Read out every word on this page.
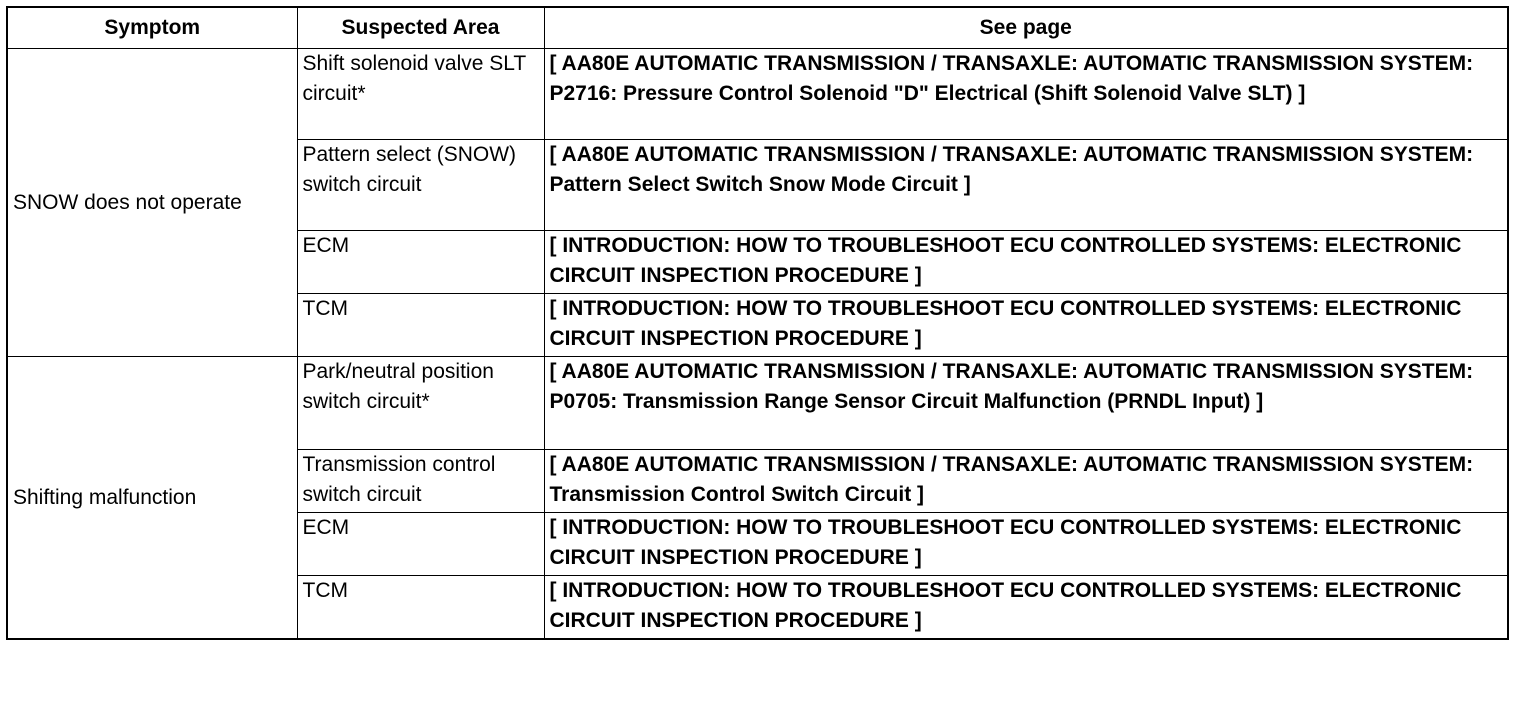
Symptom	Suspected Area	See page
SNOW does not operate	Shift solenoid valve SLT circuit*	[ AA80E AUTOMATIC TRANSMISSION / TRANSAXLE: AUTOMATIC TRANSMISSION SYSTEM: P2716: Pressure Control Solenoid "D" Electrical (Shift Solenoid Valve SLT) ]
	Pattern select (SNOW) switch circuit	[ AA80E AUTOMATIC TRANSMISSION / TRANSAXLE: AUTOMATIC TRANSMISSION SYSTEM: Pattern Select Switch Snow Mode Circuit ]
	ECM	[ INTRODUCTION: HOW TO TROUBLESHOOT ECU CONTROLLED SYSTEMS: ELECTRONIC CIRCUIT INSPECTION PROCEDURE ]
	TCM	[ INTRODUCTION: HOW TO TROUBLESHOOT ECU CONTROLLED SYSTEMS: ELECTRONIC CIRCUIT INSPECTION PROCEDURE ]
Shifting malfunction	Park/neutral position switch circuit*	[ AA80E AUTOMATIC TRANSMISSION / TRANSAXLE: AUTOMATIC TRANSMISSION SYSTEM: P0705: Transmission Range Sensor Circuit Malfunction (PRNDL Input) ]
	Transmission control switch circuit	[ AA80E AUTOMATIC TRANSMISSION / TRANSAXLE: AUTOMATIC TRANSMISSION SYSTEM: Transmission Control Switch Circuit ]
	ECM	[ INTRODUCTION: HOW TO TROUBLESHOOT ECU CONTROLLED SYSTEMS: ELECTRONIC CIRCUIT INSPECTION PROCEDURE ]
	TCM	[ INTRODUCTION: HOW TO TROUBLESHOOT ECU CONTROLLED SYSTEMS: ELECTRONIC CIRCUIT INSPECTION PROCEDURE ]
